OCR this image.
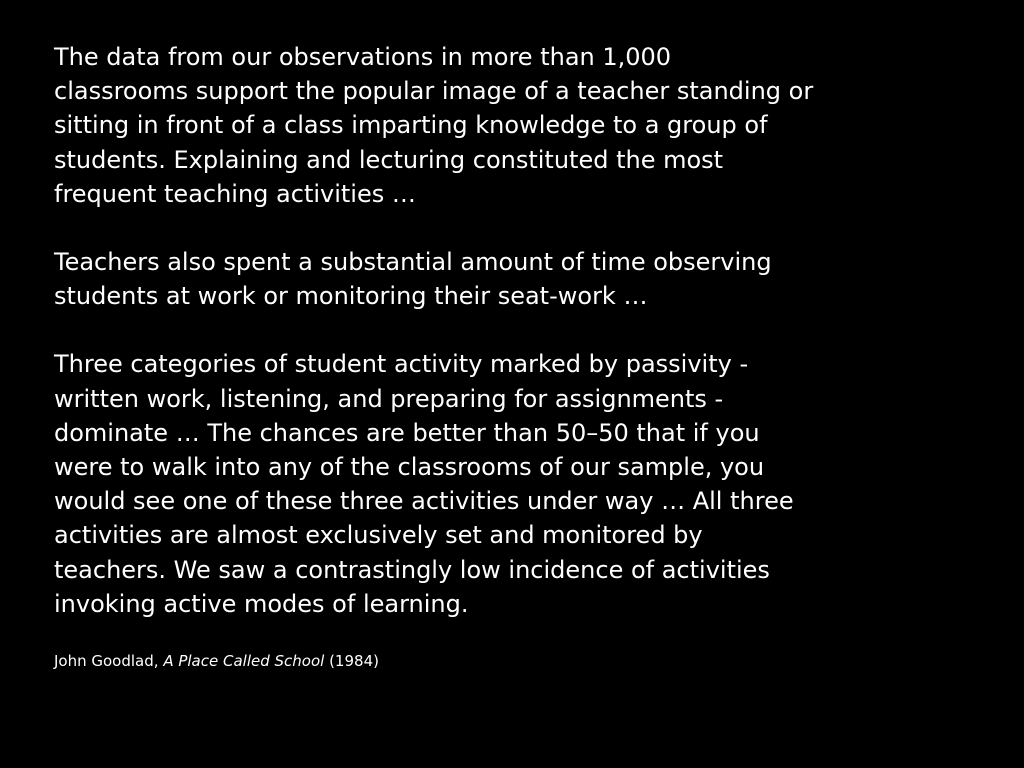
The data from our observations in more than 1,000
classrooms support the popular image of a teacher standing or
sitting in front of a class imparting knowledge to a group of
students. Explaining and lecturing constituted the most
frequent teaching activities …

Teachers also spent a substantial amount of time observing
students at work or monitoring their seat-work …

Three categories of student activity marked by passivity -
written work, listening, and preparing for assignments -
dominate … The chances are better than 50–50 that if you
were to walk into any of the classrooms of our sample, you
would see one of these three activities under way … All three
activities are almost exclusively set and monitored by
teachers. We saw a contrastingly low incidence of activities
invoking active modes of learning.

John Goodlad, A Place Called School (1984)
